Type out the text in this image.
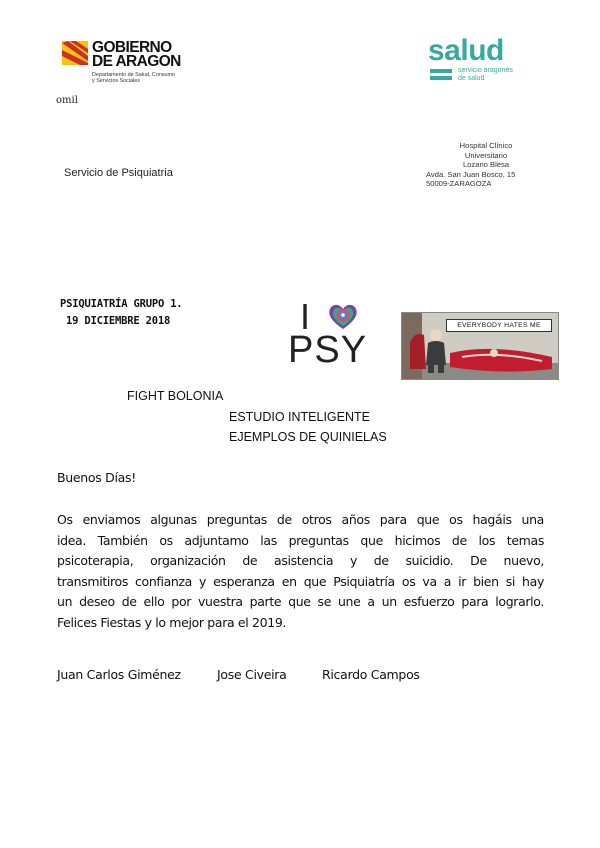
GOBIERNO
DE ARAGON
Departamento de Salud, Consumo
y Servicios Sociales
omil
salud
servicio aragonés
de salud
Servicio de Psiquiatria
Hospital Clínico
Universitario
Lozano Blesa
Avda. San Juan Bosco, 15
50009-ZARAGOZA
PSIQUIATRÍA GRUPO 1.
19 DICIEMBRE 2018	I
PSY
EVERYBODY HATES ME
FIGHT BOLONIA
ESTUDIO INTELIGENTE
EJEMPLOS DE QUINIELAS
Buenos Días!
Os enviamos algunas preguntas de otros años para que os hagáis una
idea. También os adjuntamo las preguntas que hicimos de los temas
psicoterapia, organización de asistencia y de suicidio. De nuevo,
transmitiros confianza y esperanza en que Psiquiatría os va a ir bien si hay
un deseo de ello por vuestra parte que se une a un esfuerzo para lograrlo.
Felices Fiestas y lo mejor para el 2019.
Juan Carlos Giménez	Jose Civeira	Ricardo Campos
